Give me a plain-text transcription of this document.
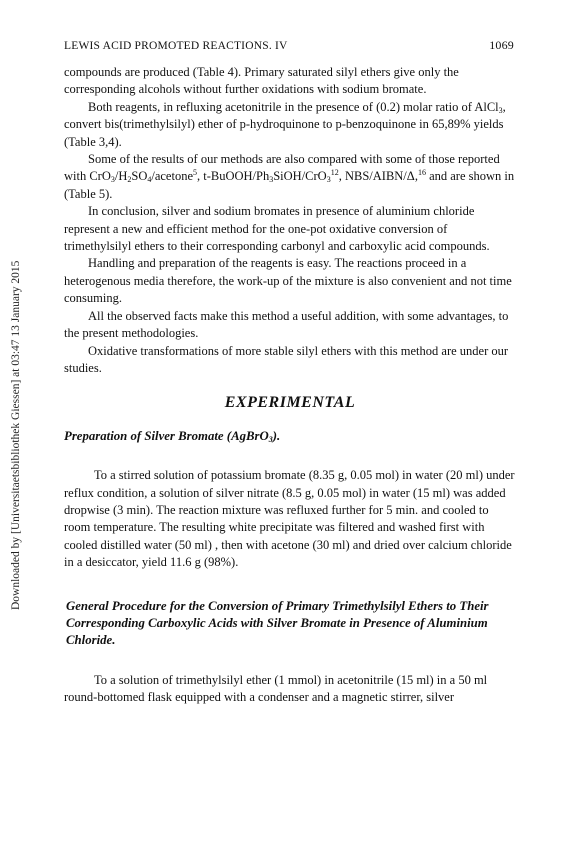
Downloaded by [Universitaetsbibliothek Giessen] at 03:47 13 January 2015
LEWIS ACID PROMOTED REACTIONS. IV	1069

compounds are produced (Table 4). Primary saturated silyl ethers give only the corresponding alcohols without further oxidations with sodium bromate.

Both reagents, in refluxing acetonitrile in the presence of (0.2) molar ratio of AlCl$_3$, convert bis(trimethylsilyl) ether of p-hydroquinone to p-benzoquinone in 65,89% yields (Table 3,4).

Some of the results of our methods are also compared with some of those reported with $CrO_3/H_2SO_4/acetone^5$, $t-BuOOH/Ph_3SiOH/CrO_3^{12}$, NBS/AIBN/Δ,$^{16}$ and are shown in (Table 5).

In conclusion, silver and sodium bromates in presence of aluminium chloride represent a new and efficient method for the one-pot oxidative conversion of trimethylsilyl ethers to their corresponding carbonyl and carboxylic acid compounds.

Handling and preparation of the reagents is easy. The reactions proceed in a heterogenous media therefore, the work-up of the mixture is also convenient and not time consuming.

All the observed facts make this method a useful addition, with some advantages, to the present methodologies.

Oxidative transformations of more stable silyl ethers with this method are under our studies.

EXPERIMENTAL
Preparation of Silver Bromate (AgBrO$_3$).

To a stirred solution of potassium bromate (8.35 g, 0.05 mol) in water (20 ml) under reflux condition, a solution of silver nitrate (8.5 g, 0.05 mol) in water (15 ml) was added dropwise (3 min). The reaction mixture was refluxed further for 5 min. and cooled to room temperature. The resulting white precipitate was filtered and washed first with cooled distilled water (50 ml) , then with acetone (30 ml) and dried over calcium chloride in a desiccator, yield 11.6 g (98%).

General Procedure for the Conversion of Primary Trimethylsilyl Ethers to Their Corresponding Carboxylic Acids with Silver Bromate in Presence of Aluminium Chloride.

To a solution of trimethylsilyl ether (1 mmol) in acetonitrile (15 ml) in a 50 ml round-bottomed flask equipped with a condenser and a magnetic stirrer, silver
